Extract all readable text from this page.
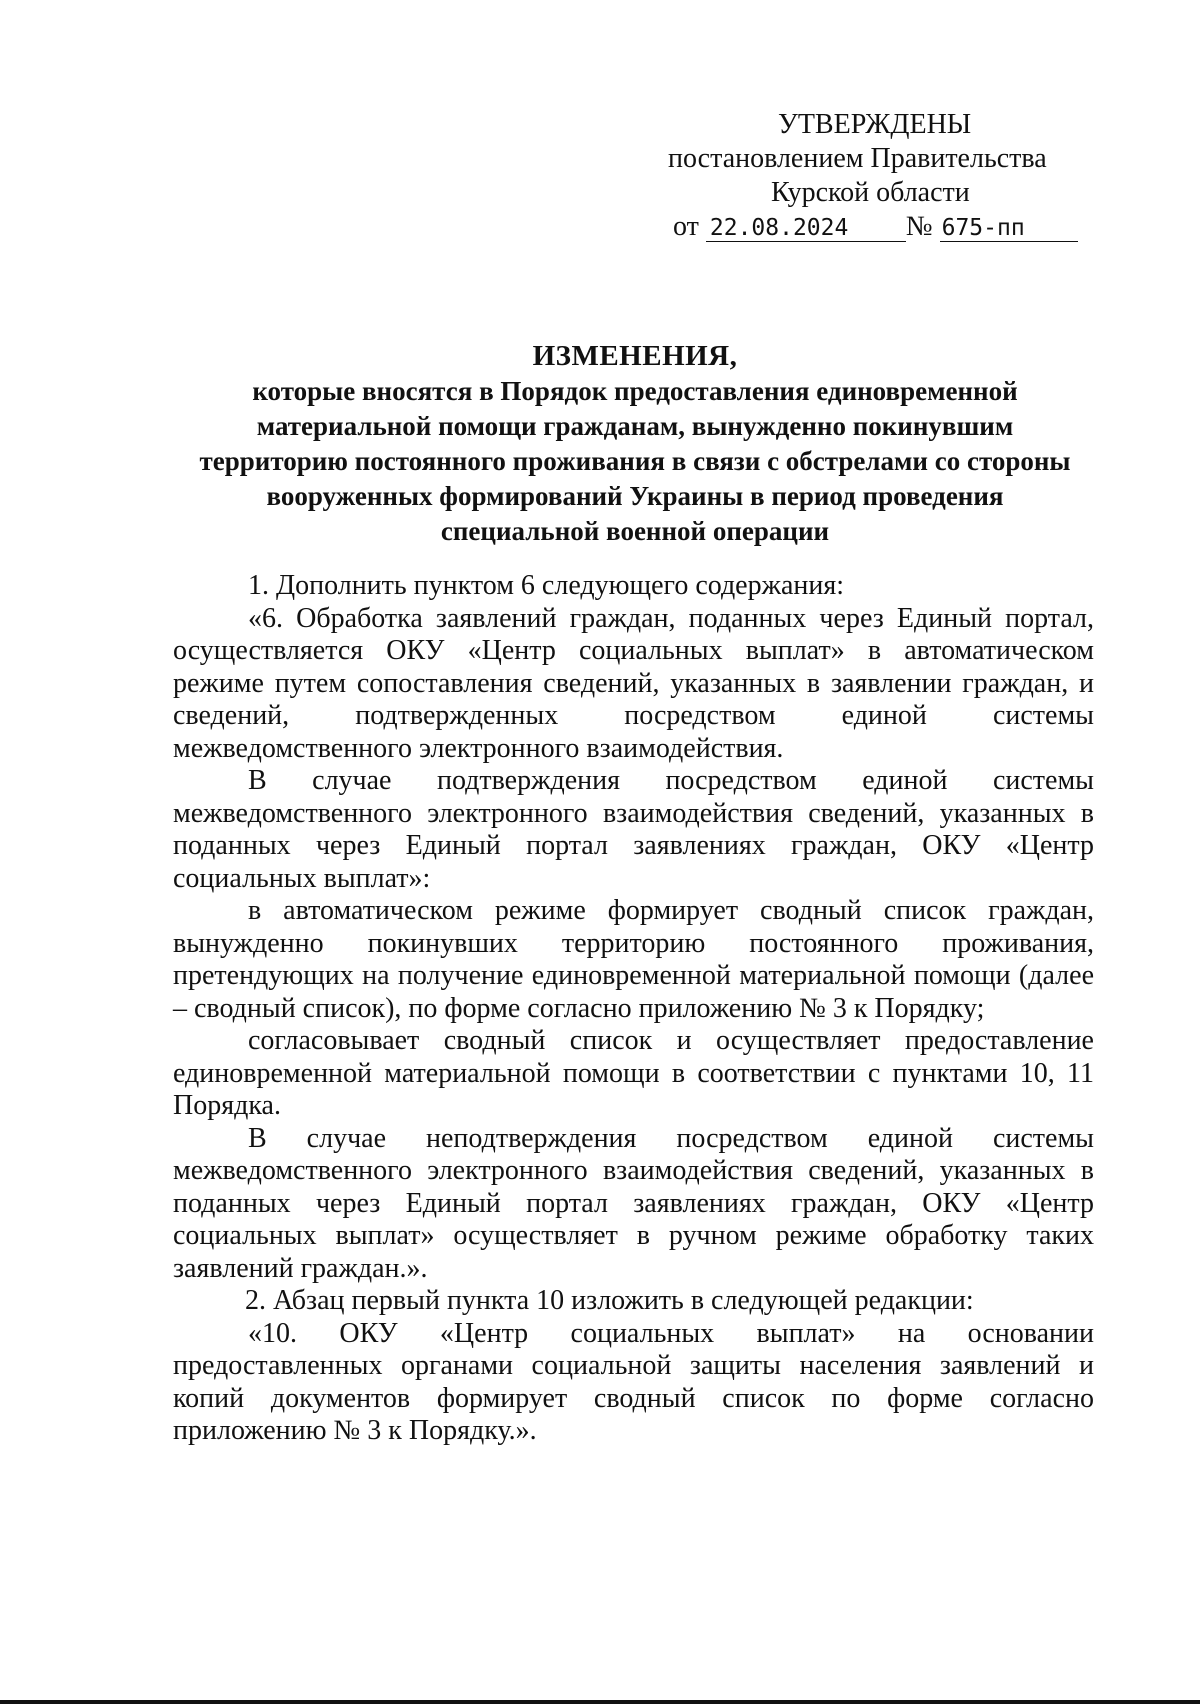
УТВЕРЖДЕНЫ
постановлением Правительства
Курской области
от 22.08.2024 № 675-пп
ИЗМЕНЕНИЯ,
которые вносятся в Порядок предоставления единовременной
материальной помощи гражданам, вынужденно покинувшим
территорию постоянного проживания в связи с обстрелами со стороны
вооруженных формирований Украины в период проведения
специальной военной операции

1. Дополнить пунктом 6 следующего содержания:

«6. Обработка заявлений граждан, поданных через Единый портал, осуществляется ОКУ «Центр социальных выплат» в автоматическом режиме путем сопоставления сведений, указанных в заявлении граждан, и сведений, подтвержденных посредством единой системы межведомственного электронного взаимодействия.

В случае подтверждения посредством единой системы межведомственного электронного взаимодействия сведений, указанных в поданных через Единый портал заявлениях граждан, ОКУ «Центр социальных выплат»:

в автоматическом режиме формирует сводный список граждан, вынужденно покинувших территорию постоянного проживания, претендующих на получение единовременной материальной помощи (далее – сводный список), по форме согласно приложению № 3 к Порядку;

согласовывает сводный список и осуществляет предоставление единовременной материальной помощи в соответствии с пунктами 10, 11 Порядка.

В случае неподтверждения посредством единой системы межведомственного электронного взаимодействия сведений, указанных в поданных через Единый портал заявлениях граждан, ОКУ «Центр социальных выплат» осуществляет в ручном режиме обработку таких заявлений граждан.».

2. Абзац первый пункта 10 изложить в следующей редакции:

«10. ОКУ «Центр социальных выплат» на основании предоставленных органами социальной защиты населения заявлений и копий документов формирует сводный список по форме согласно приложению № 3 к Порядку.».
